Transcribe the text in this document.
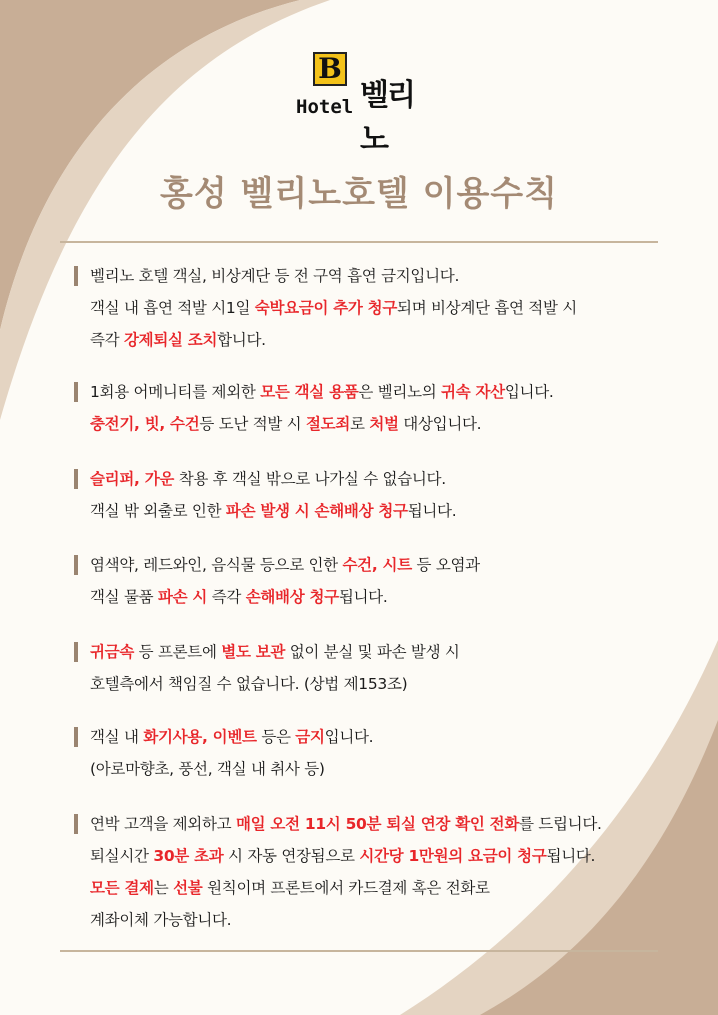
B
Hotel 벨리노
홍성 벨리노호텔 이용수칙
벨리노 호텔 객실, 비상계단 등 전 구역 흡연 금지입니다.
객실 내 흡연 적발 시1일 숙박요금이 추가 청구되며 비상계단 흡연 적발 시
즉각 강제퇴실 조치합니다.
1회용 어메니티를 제외한 모든 객실 용품은 벨리노의 귀속 자산입니다.
충전기, 빗, 수건등 도난 적발 시 절도죄로 처벌 대상입니다.
슬리퍼, 가운 착용 후 객실 밖으로 나가실 수 없습니다.
객실 밖 외출로 인한 파손 발생 시 손해배상 청구됩니다.
염색약, 레드와인, 음식물 등으로 인한 수건, 시트 등 오염과
객실 물품 파손 시 즉각 손해배상 청구됩니다.
귀금속 등 프론트에 별도 보관 없이 분실 및 파손 발생 시
호텔측에서 책임질 수 없습니다. (상법 제153조)
객실 내 화기사용, 이벤트 등은 금지입니다.
(아로마향초, 풍선, 객실 내 취사 등)
연박 고객을 제외하고 매일 오전 11시 50분 퇴실 연장 확인 전화를 드립니다.
퇴실시간 30분 초과 시 자동 연장됨으로 시간당 1만원의 요금이 청구됩니다.
모든 결제는 선불 원칙이며 프론트에서 카드결제 혹은 전화로
계좌이체 가능합니다.
